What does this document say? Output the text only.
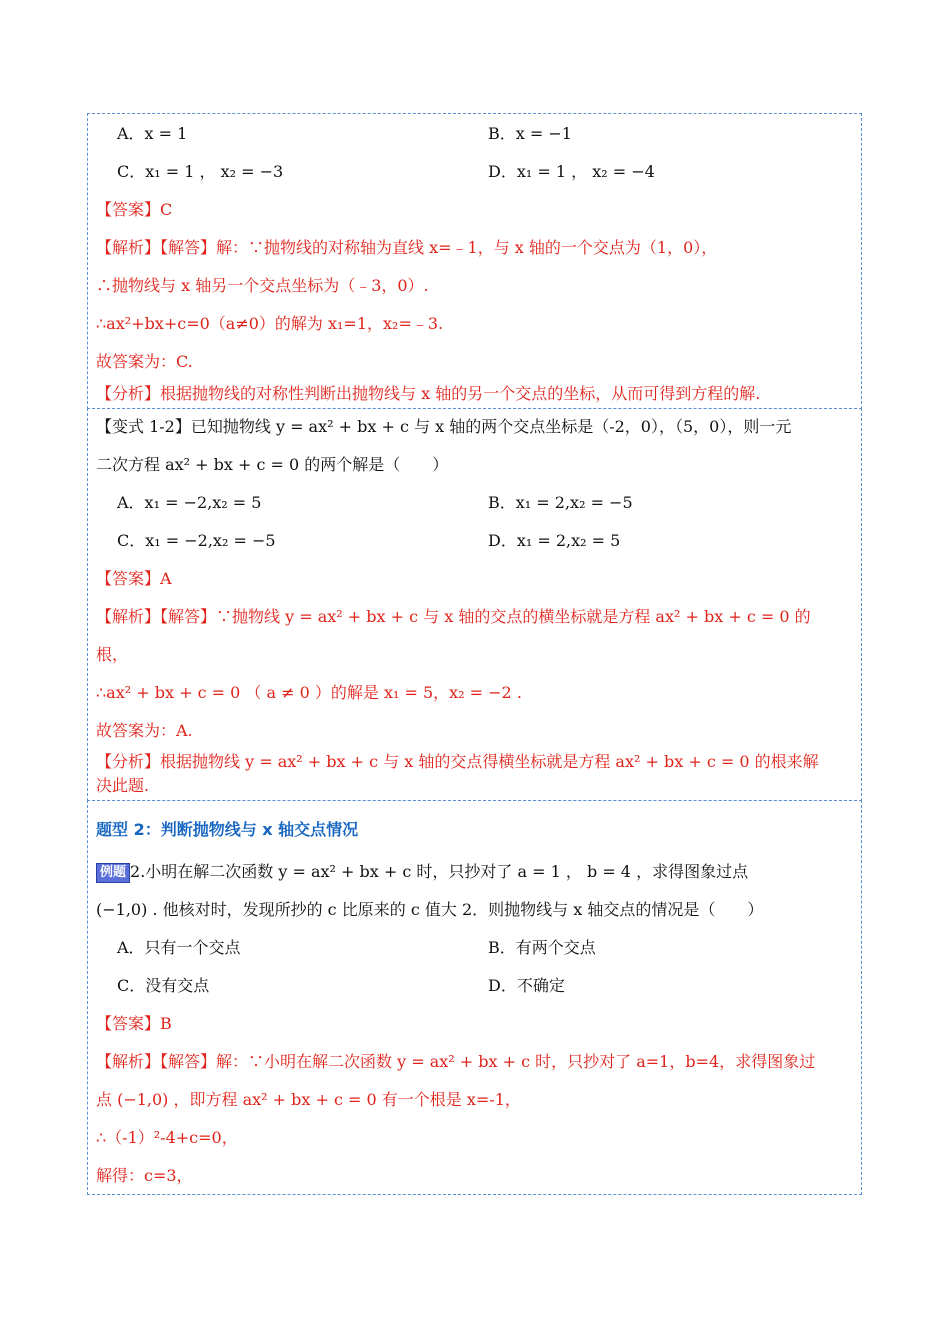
A．x = 1	B．x = −1
C．x₁ = 1 ， x₂ = −3	D．x₁ = 1 ， x₂ = −4
【答案】C
【解析】【解答】解：∵抛物线的对称轴为直线 x=﹣1，与 x 轴的一个交点为（1，0），
∴抛物线与 x 轴另一个交点坐标为（﹣3，0）.
∴ax²+bx+c=0（a≠0）的解为 x₁=1，x₂=﹣3.
故答案为：C.
【分析】根据抛物线的对称性判断出抛物线与 x 轴的另一个交点的坐标，从而可得到方程的解.
【变式 1-2】已知抛物线 y = ax² + bx + c 与 x 轴的两个交点坐标是（-2，0），（5，0），则一元
二次方程 ax² + bx + c = 0 的两个解是（　　）
A．x₁ = −2,x₂ = 5	B．x₁ = 2,x₂ = −5
C．x₁ = −2,x₂ = −5	D．x₁ = 2,x₂ = 5
【答案】A
【解析】【解答】∵抛物线 y = ax² + bx + c 与 x 轴的交点的横坐标就是方程 ax² + bx + c = 0 的
根，
∴ax² + bx + c = 0 （ a ≠ 0 ）的解是 x₁ = 5，x₂ = −2 .
故答案为：A.
【分析】根据抛物线 y = ax² + bx + c 与 x 轴的交点得横坐标就是方程 ax² + bx + c = 0 的根来解
决此题.
题型 2：判断抛物线与 x 轴交点情况
例题 2.小明在解二次函数 y = ax² + bx + c 时，只抄对了 a = 1 ， b = 4 ，求得图象过点
(−1,0) . 他核对时，发现所抄的 c 比原来的 c 值大 2．则抛物线与 x 轴交点的情况是（　　）
A．只有一个交点	B．有两个交点
C．没有交点	D．不确定
【答案】B
【解析】【解答】解：∵小明在解二次函数 y = ax² + bx + c 时，只抄对了 a=1，b=4，求得图象过
点 (−1,0) ，即方程 ax² + bx + c = 0 有一个根是 x=-1，
∴（-1）²-4+c=0，
解得：c=3，
